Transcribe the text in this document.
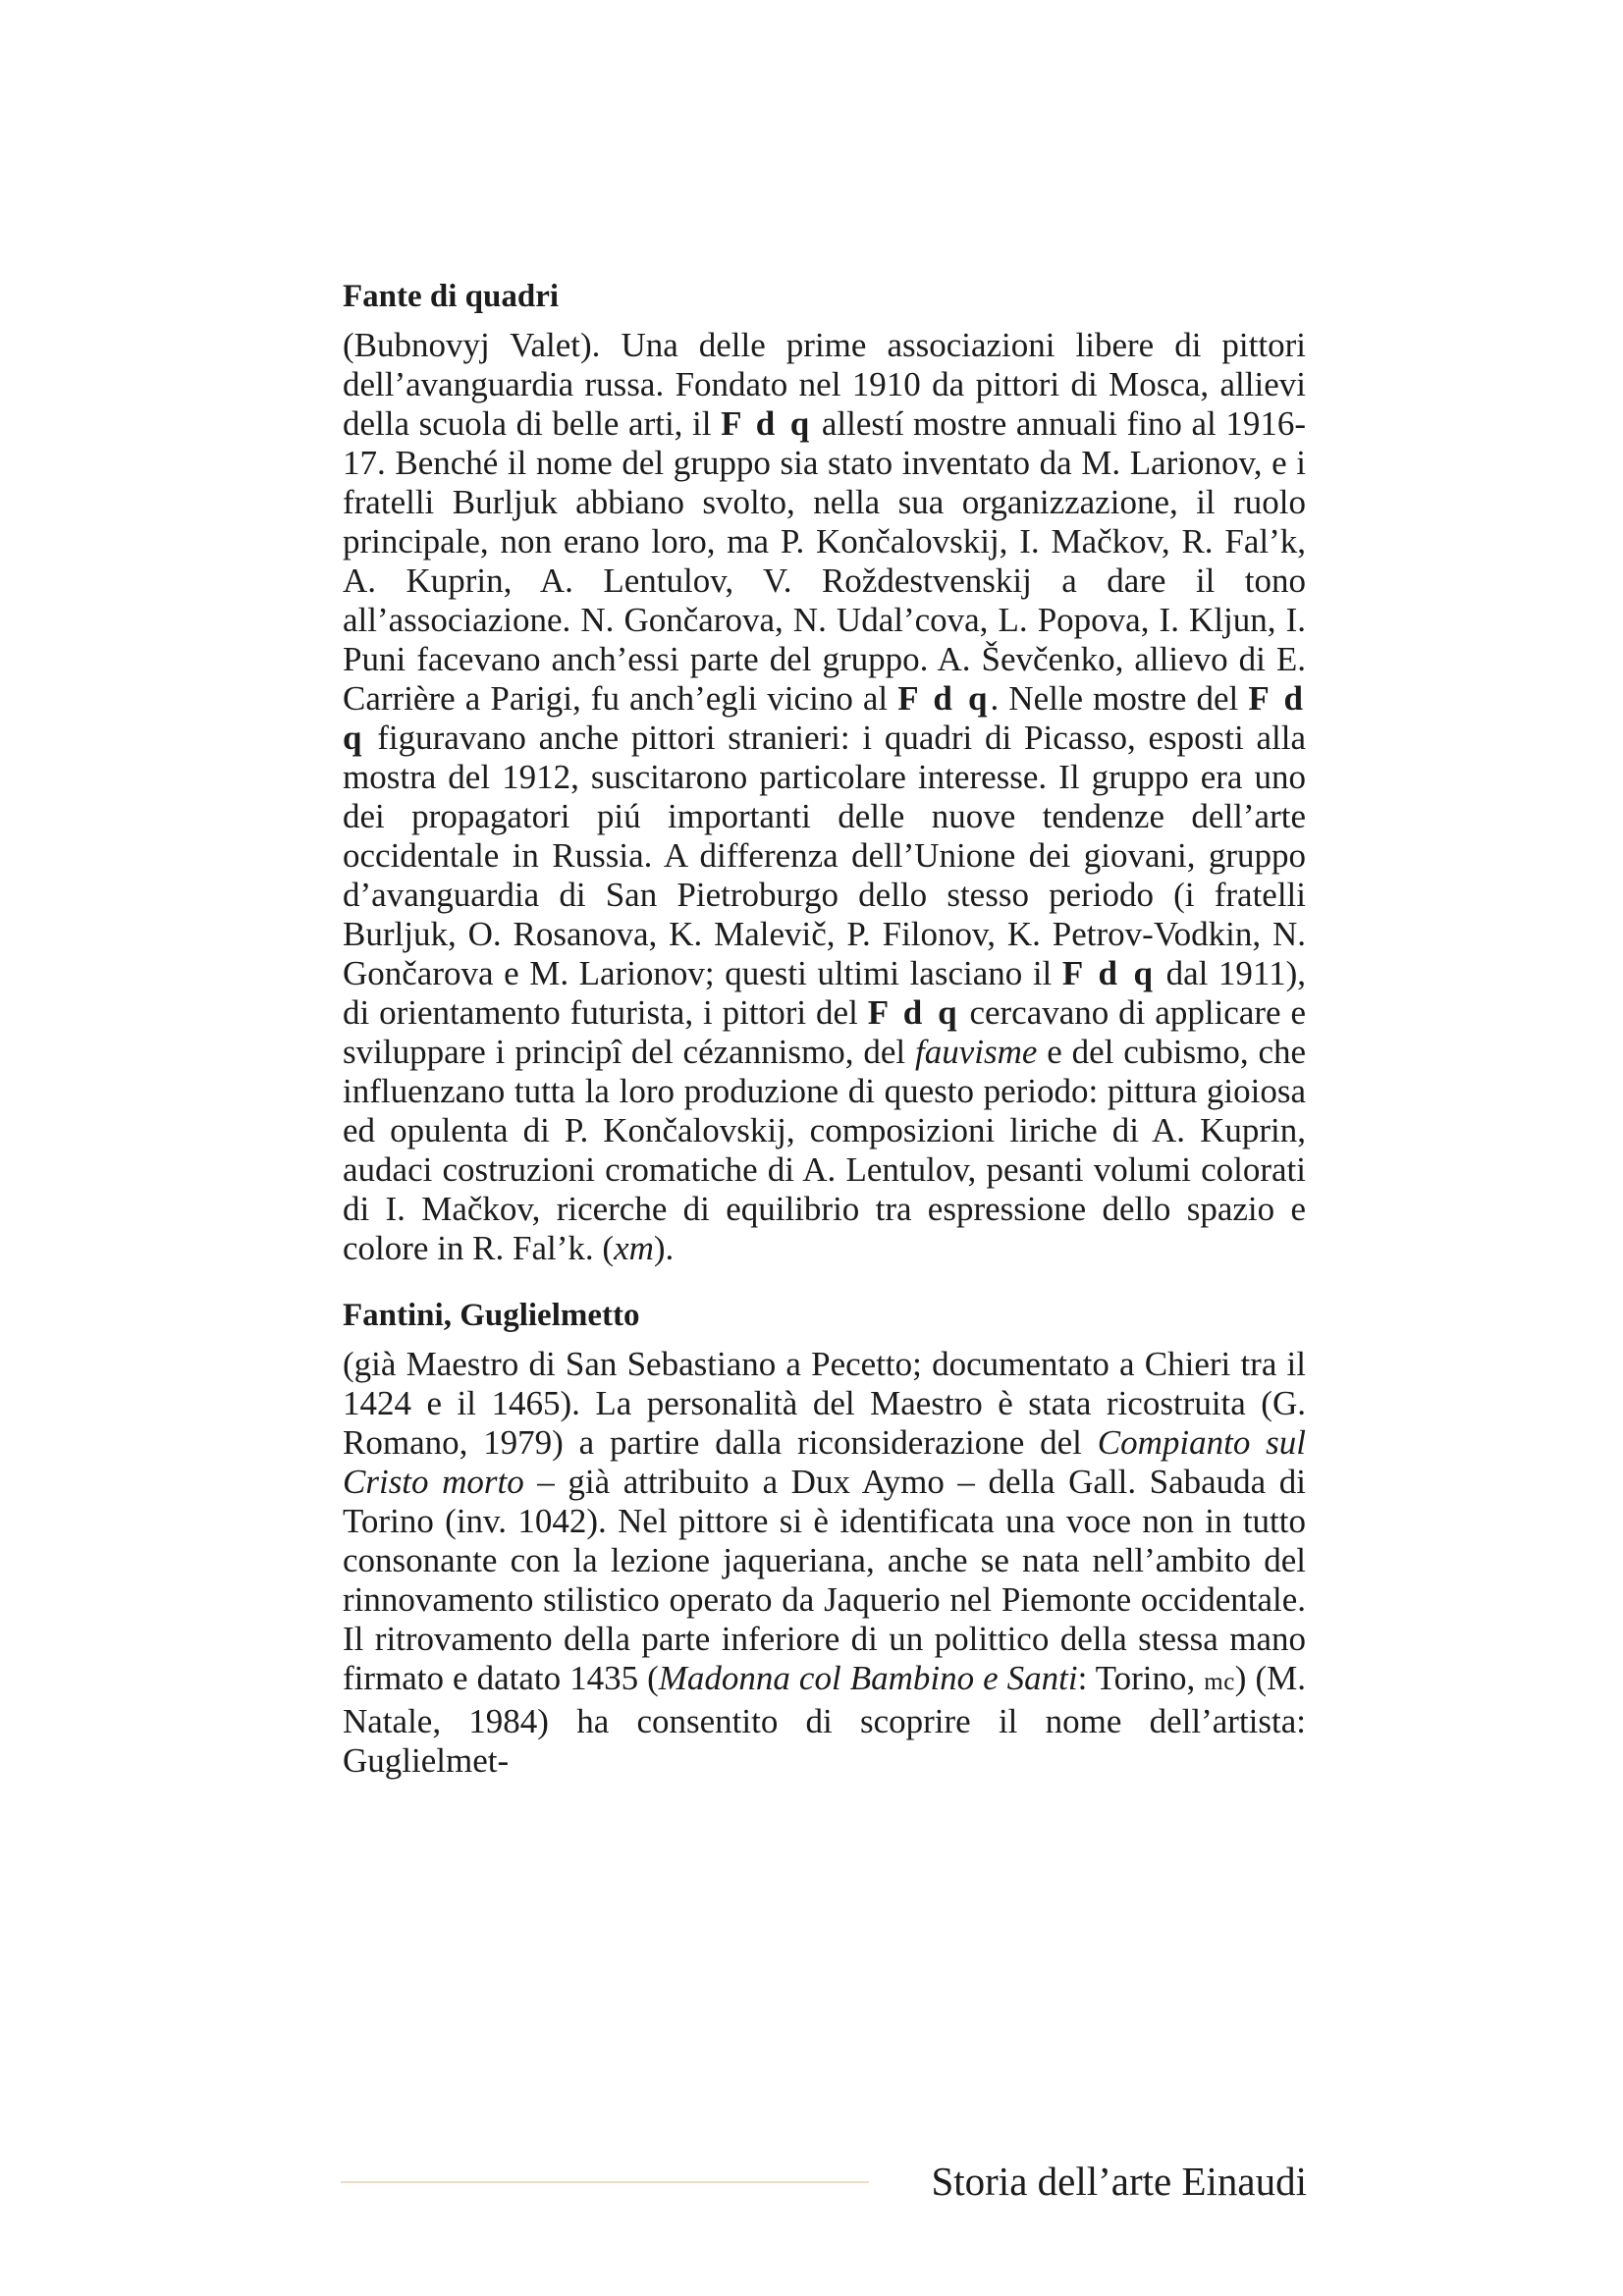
Fante di quadri

(Bubnovyj Valet). Una delle prime associazioni libere di pittori dell’avanguardia russa. Fondato nel 1910 da pittori di Mosca, allievi della scuola di belle arti, il F d q allestí mostre annuali fino al 1916-17. Benché il nome del gruppo sia stato inventato da M. Larionov, e i fratelli Burljuk abbiano svolto, nella sua organizzazione, il ruolo principale, non erano loro, ma P. Končalovskij, I. Mačkov, R. Fal’k, A. Kuprin, A. Lentulov, V. Roždestvenskij a dare il tono all’associazione. N. Gončarova, N. Udal’cova, L. Popova, I. Kljun, I. Puni facevano anch’essi parte del gruppo. A. Ševčenko, allievo di E. Carrière a Parigi, fu anch’egli vicino al F d q. Nelle mostre del F d q figuravano anche pittori stranieri: i quadri di Picasso, esposti alla mostra del 1912, suscitarono particolare interesse. Il gruppo era uno dei propagatori piú importanti delle nuove tendenze dell’arte occidentale in Russia. A differenza dell’Unione dei giovani, gruppo d’avanguardia di San Pietroburgo dello stesso periodo (i fratelli Burljuk, O. Rosanova, K. Malevič, P. Filonov, K. Petrov-Vodkin, N. Gončarova e M. Larionov; questi ultimi lasciano il F d q dal 1911), di orientamento futurista, i pittori del F d q cercavano di applicare e sviluppare i principî del cézannismo, del fauvisme e del cubismo, che influenzano tutta la loro produzione di questo periodo: pittura gioiosa ed opulenta di P. Končalovskij, composizioni liriche di A. Kuprin, audaci costruzioni cromatiche di A. Lentulov, pesanti volumi colorati di I. Mačkov, ricerche di equilibrio tra espressione dello spazio e colore in R. Fal’k. (xm).

Fantini, Guglielmetto

(già Maestro di San Sebastiano a Pecetto; documentato a Chieri tra il 1424 e il 1465). La personalità del Maestro è stata ricostruita (G. Romano, 1979) a partire dalla riconsiderazione del Compianto sul Cristo morto – già attribuito a Dux Aymo – della Gall. Sabauda di Torino (inv. 1042). Nel pittore si è identificata una voce non in tutto consonante con la lezione jaqueriana, anche se nata nell’ambito del rinnovamento stilistico operato da Jaquerio nel Piemonte occidentale. Il ritrovamento della parte inferiore di un polittico della stessa mano firmato e datato 1435 (Madonna col Bambino e Santi: Torino, mc) (M. Natale, 1984) ha consentito di scoprire il nome dell’artista: Guglielmet-

Storia dell’arte Einaudi
